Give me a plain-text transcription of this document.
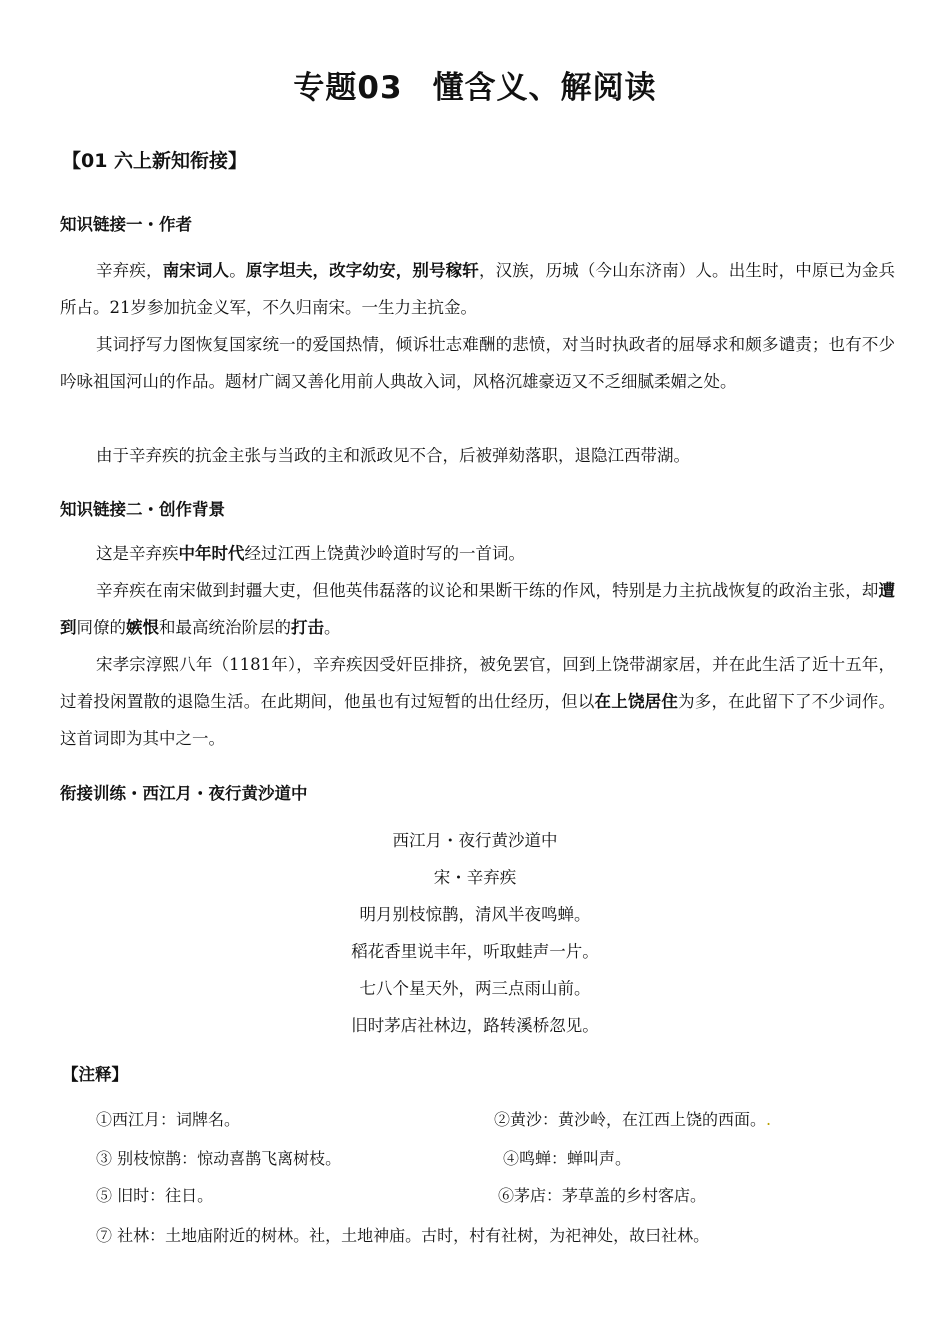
专题03 懂含义、解阅读
【01 六上新知衔接】
知识链接一・作者
辛弃疾，南宋词人。原字坦夫，改字幼安，别号稼轩，汉族，历城（今山东济南）人。出生时，中原已为金兵所占。21岁参加抗金义军，不久归南宋。一生力主抗金。
其词抒写力图恢复国家统一的爱国热情，倾诉壮志难酬的悲愤，对当时执政者的屈辱求和颇多谴责；也有不少吟咏祖国河山的作品。题材广阔又善化用前人典故入词，风格沉雄豪迈又不乏细腻柔媚之处。
由于辛弃疾的抗金主张与当政的主和派政见不合，后被弹劾落职，退隐江西带湖。
知识链接二・创作背景
这是辛弃疾中年时代经过江西上饶黄沙岭道时写的一首词。
辛弃疾在南宋做到封疆大吏，但他英伟磊落的议论和果断干练的作风，特别是力主抗战恢复的政治主张，却遭到同僚的嫉恨和最高统治阶层的打击。
宋孝宗淳熙八年（1181年），辛弃疾因受奸臣排挤，被免罢官，回到上饶带湖家居，并在此生活了近十五年，过着投闲置散的退隐生活。在此期间，他虽也有过短暂的出仕经历，但以在上饶居住为多，在此留下了不少词作。这首词即为其中之一。
衔接训练・西江月・夜行黄沙道中
西江月・夜行黄沙道中
宋・辛弃疾
明月别枝惊鹊，清风半夜鸣蝉。
稻花香里说丰年，听取蛙声一片。
七八个星天外，两三点雨山前。
旧时茅店社林边，路转溪桥忽见。
【注释】
①西江月：词牌名。	②黄沙：黄沙岭，在江西上饶的西面。.
③ 别枝惊鹊：惊动喜鹊飞离树枝。	④鸣蝉：蝉叫声。
⑤ 旧时：往日。	⑥茅店：茅草盖的乡村客店。
⑦ 社林：土地庙附近的树林。社，土地神庙。古时，村有社树，为祀神处，故曰社林。
